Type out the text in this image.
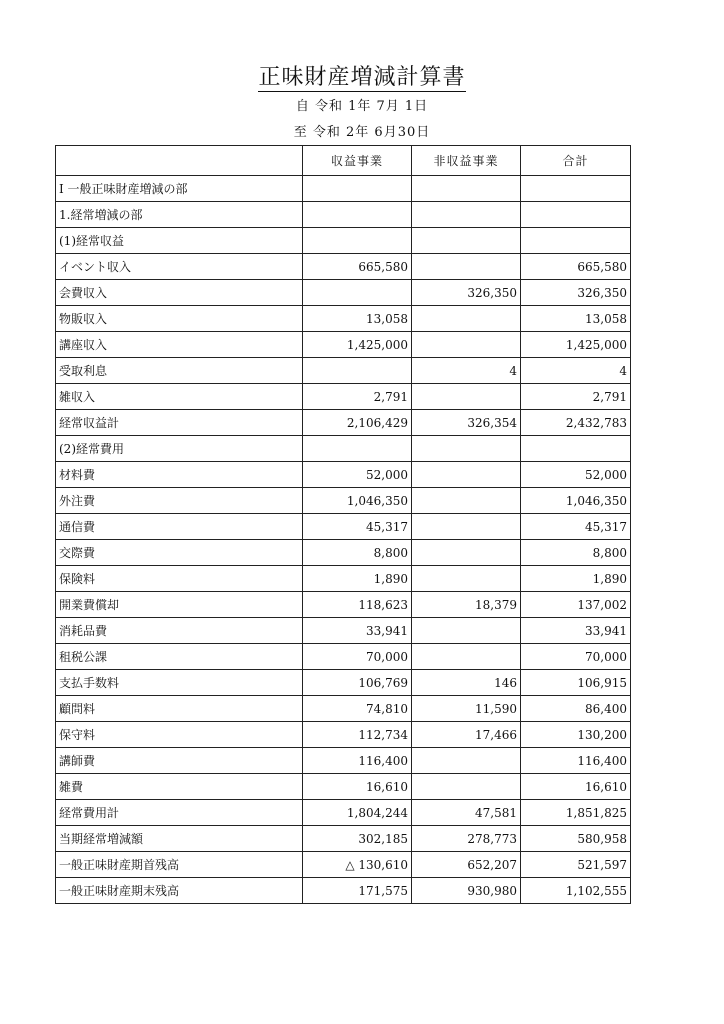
正味財産増減計算書
自 令和 1年 7月 1日
至 令和 2年 6月30日
	収益事業	非収益事業	合計
I 一般正味財産増減の部			
1.経常増減の部			
(1)経常収益			
イベント収入	665,580		665,580
会費収入		326,350	326,350
物販収入	13,058		13,058
講座収入	1,425,000		1,425,000
受取利息		4	4
雑収入	2,791		2,791
経常収益計	2,106,429	326,354	2,432,783
(2)経常費用			
材料費	52,000		52,000
外注費	1,046,350		1,046,350
通信費	45,317		45,317
交際費	8,800		8,800
保険料	1,890		1,890
開業費償却	118,623	18,379	137,002
消耗品費	33,941		33,941
租税公課	70,000		70,000
支払手数料	106,769	146	106,915
顧問料	74,810	11,590	86,400
保守料	112,734	17,466	130,200
講師費	116,400		116,400
雑費	16,610		16,610
経常費用計	1,804,244	47,581	1,851,825
当期経常増減額	302,185	278,773	580,958
一般正味財産期首残高	△ 130,610	652,207	521,597
一般正味財産期末残高	171,575	930,980	1,102,555
